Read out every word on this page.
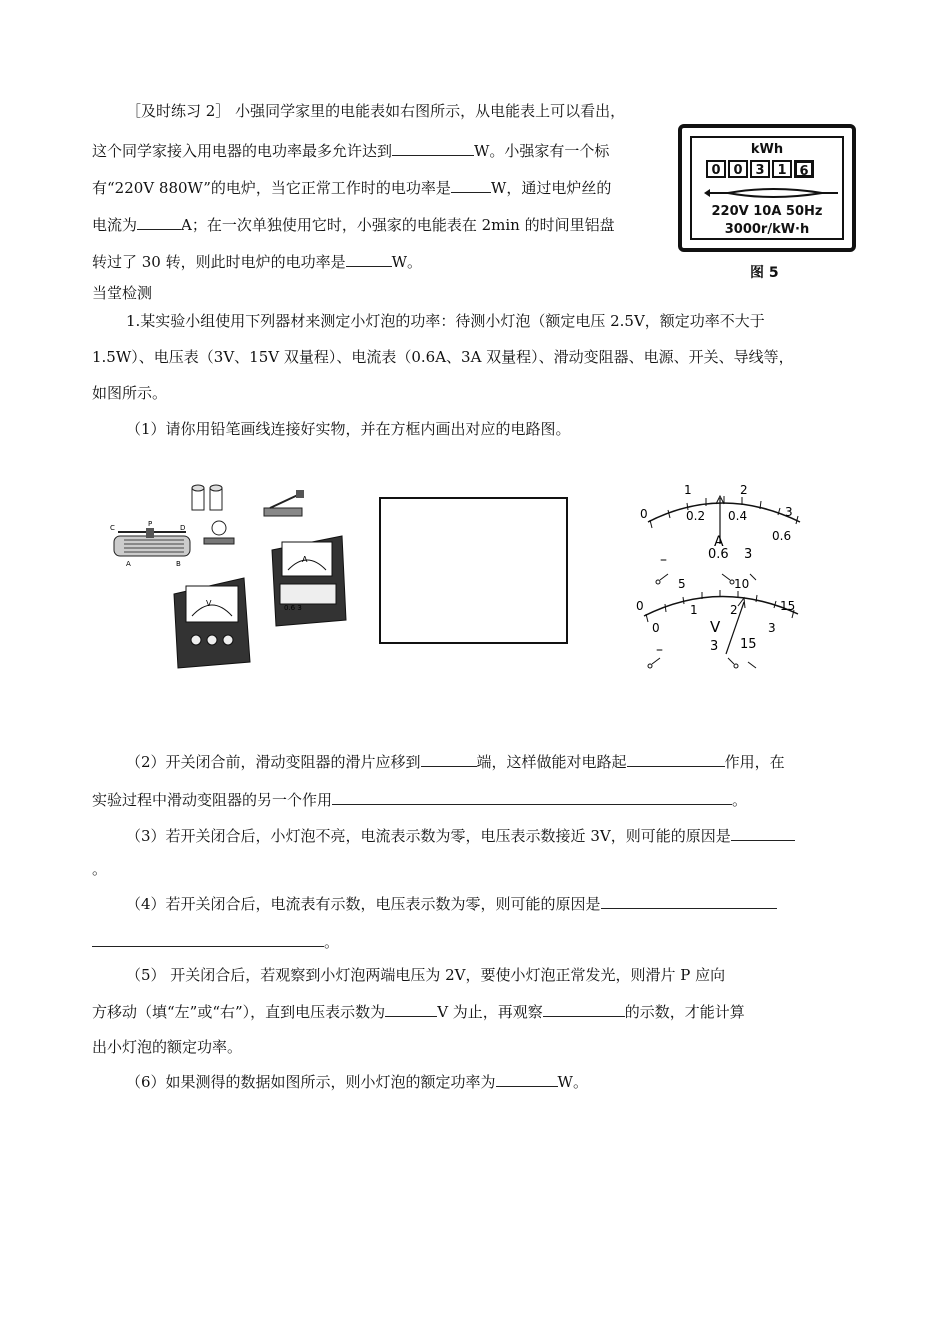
［及时练习 2］ 小强同学家里的电能表如右图所示，从电能表上可以看出，
这个同学家接入用电器的电功率最多允许达到	W。小强家有一个标
有“220V 880W”的电炉，当它正常工作时的电功率是	W，通过电炉丝的
电流为	A；在一次单独使用它时，小强家的电能表在 2min 的时间里铝盘
转过了 30 转，则此时电炉的电功率是	W。
kWh
0 0 3 1 6
220V 10A 50Hz
3000r/kW·h
图 5
当堂检测
1.某实验小组使用下列器材来测定小灯泡的功率：待测小灯泡（额定电压 2.5V，额定功率不大于
1.5W）、电压表（3V、15V 双量程）、电流表（0.6A、3A 双量程）、滑动变阻器、电源、开关、导线等，
如图所示。
（1）请你用铅笔画线连接好实物，并在方框内画出对应的电路图。
C	P	D
A	B	A
0.6 3
V
0
1	2
3
0.2 0.4
0.6
A
–	0.6 3
5	10
15
0
0
1	2
3
V
–	3 15
（2）开关闭合前，滑动变阻器的滑片应移到	端，这样做能对电路起	作用，在
实验过程中滑动变阻器的另一个作用	。
（3）若开关闭合后，小灯泡不亮，电流表示数为零，电压表示数接近 3V，则可能的原因是
。
（4）若开关闭合后，电流表有示数，电压表示数为零，则可能的原因是
。
（5） 开关闭合后，若观察到小灯泡两端电压为 2V，要使小灯泡正常发光，则滑片 P 应向
方移动（填“左”或“右”），直到电压表示数为	V 为止，再观察	的示数，才能计算
出小灯泡的额定功率。
（6）如果测得的数据如图所示，则小灯泡的额定功率为	W。
